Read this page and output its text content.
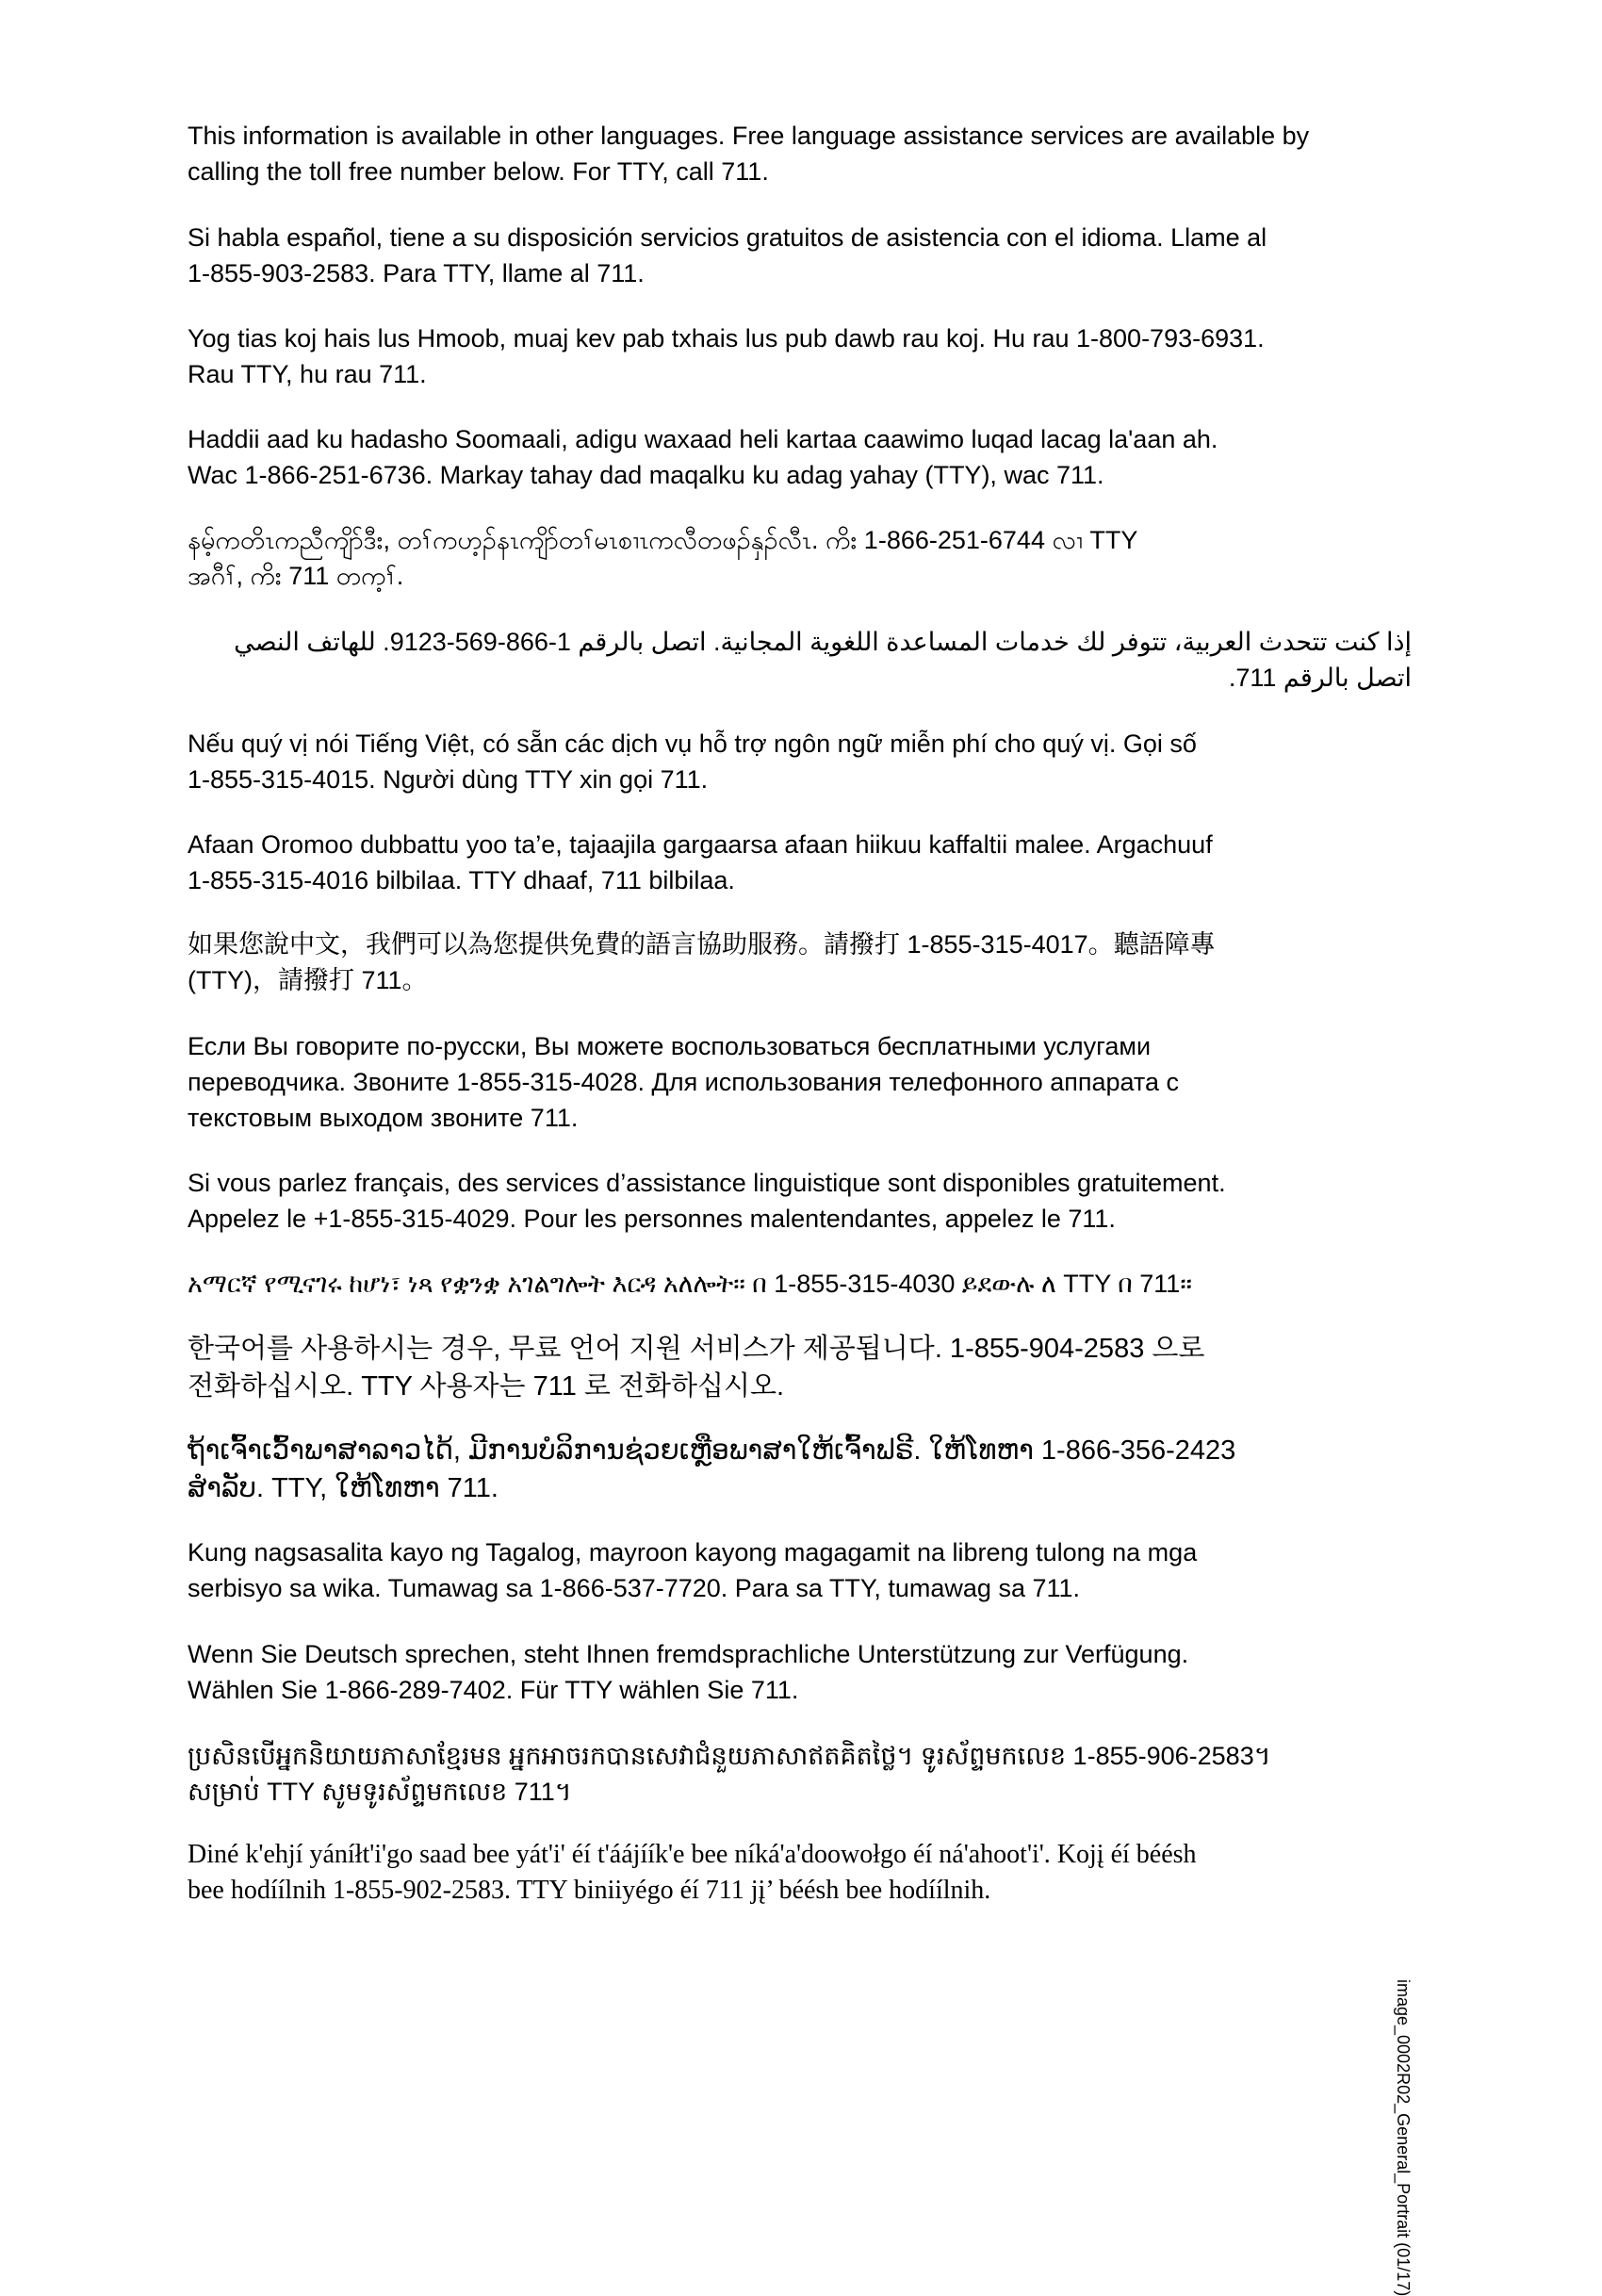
This information is available in other languages. Free language assistance services are available by
calling the toll free number below. For TTY, call 711.

Si habla español, tiene a su disposición servicios gratuitos de asistencia con el idioma. Llame al
1-855-903-2583. Para TTY, llame al 711.

Yog tias koj hais lus Hmoob, muaj kev pab txhais lus pub dawb rau koj. Hu rau 1-800-793-6931.
Rau TTY, hu rau 711.

Haddii aad ku hadasho Soomaali, adigu waxaad heli kartaa caawimo luqad lacag la'aan ah.
Wac 1-866-251-6736. Markay tahay dad maqalku ku adag yahay (TTY), wac 711.

နမ့်ကတိၤကညီကျိာ်ဒီး, တၢ်ကဟ့ၣ်နၤကျိာ်တၢ်မၤစၢၤကလီတဖၣ်နှၣ်လီၤ. ကိး 1-866-251-6744 လၢ TTY
အဂီၢ်, ကိး 711 တက့ၢ်.

إذا كنت تتحدث العربية، تتوفر لك خدمات المساعدة اللغوية المجانية. اتصل بالرقم 1-866-569-9123. للهاتف النصي
اتصل بالرقم 711.

Nếu quý vị nói Tiếng Việt, có sẵn các dịch vụ hỗ trợ ngôn ngữ miễn phí cho quý vị. Gọi số
1-855-315-4015. Người dùng TTY xin gọi 711.

Afaan Oromoo dubbattu yoo ta’e, tajaajila gargaarsa afaan hiikuu kaffaltii malee. Argachuuf
1-855-315-4016 bilbilaa. TTY dhaaf, 711 bilbilaa.

如果您說中文，我們可以為您提供免費的語言協助服務。請撥打 1-855-315-4017。聽語障專
(TTY)，請撥打 711。

Если Вы говорите по-русски, Вы можете воспользоваться бесплатными услугами
переводчика. Звоните 1-855-315-4028. Для использования телефонного аппарата с
текстовым выходом звоните 711.

Si vous parlez français, des services d’assistance linguistique sont disponibles gratuitement.
Appelez le +1-855-315-4029. Pour les personnes malentendantes, appelez le 711.

አማርኛ የሚናገሩ ከሆነ፣ ነጻ የቋንቋ አገልግሎት እርዳ አለሎት። በ 1-855-315-4030 ይደውሉ ለ TTY በ 711።

한국어를 사용하시는 경우, 무료 언어 지원 서비스가 제공됩니다. 1-855-904-2583 으로
전화하십시오. TTY 사용자는 711 로 전화하십시오.

ຖ້າເຈົ້າເວົ້າພາສາລາວໄດ້, ມີການບໍລິການຊ່ວຍເຫຼືອພາສາໃຫ້ເຈົ້າຟຣີ. ໃຫ້ໂທຫາ 1-866-356-2423
ສໍາລັບ. TTY, ໃຫ້ໂທຫາ 711.

Kung nagsasalita kayo ng Tagalog, mayroon kayong magagamit na libreng tulong na mga
serbisyo sa wika. Tumawag sa 1-866-537-7720. Para sa TTY, tumawag sa 711.

Wenn Sie Deutsch sprechen, steht Ihnen fremdsprachliche Unterstützung zur Verfügung.
Wählen Sie 1-866-289-7402. Für TTY wählen Sie 711.

ប្រសិនបើអ្នកនិយាយភាសាខ្មែរមន អ្នកអាចរកបានសេវាជំនួយភាសាឥតគិតថ្លៃ។ ទូរស័ព្ទមកលេខ 1-855-906-2583។
សម្រាប់ TTY សូមទូរស័ព្ទមកលេខ 711។

Diné k'ehjí yáníłt'i'go saad bee yát'i' éí t'áájíík'e bee níká'a'doowołgo éí ná'ahoot'i'. Kojį éí béésh
bee hodíílnih 1-855-902-2583. TTY biniiyégo éí 711 jį’ béésh bee hodíílnih.

image_0002R02_General_Portrait (01/17)
